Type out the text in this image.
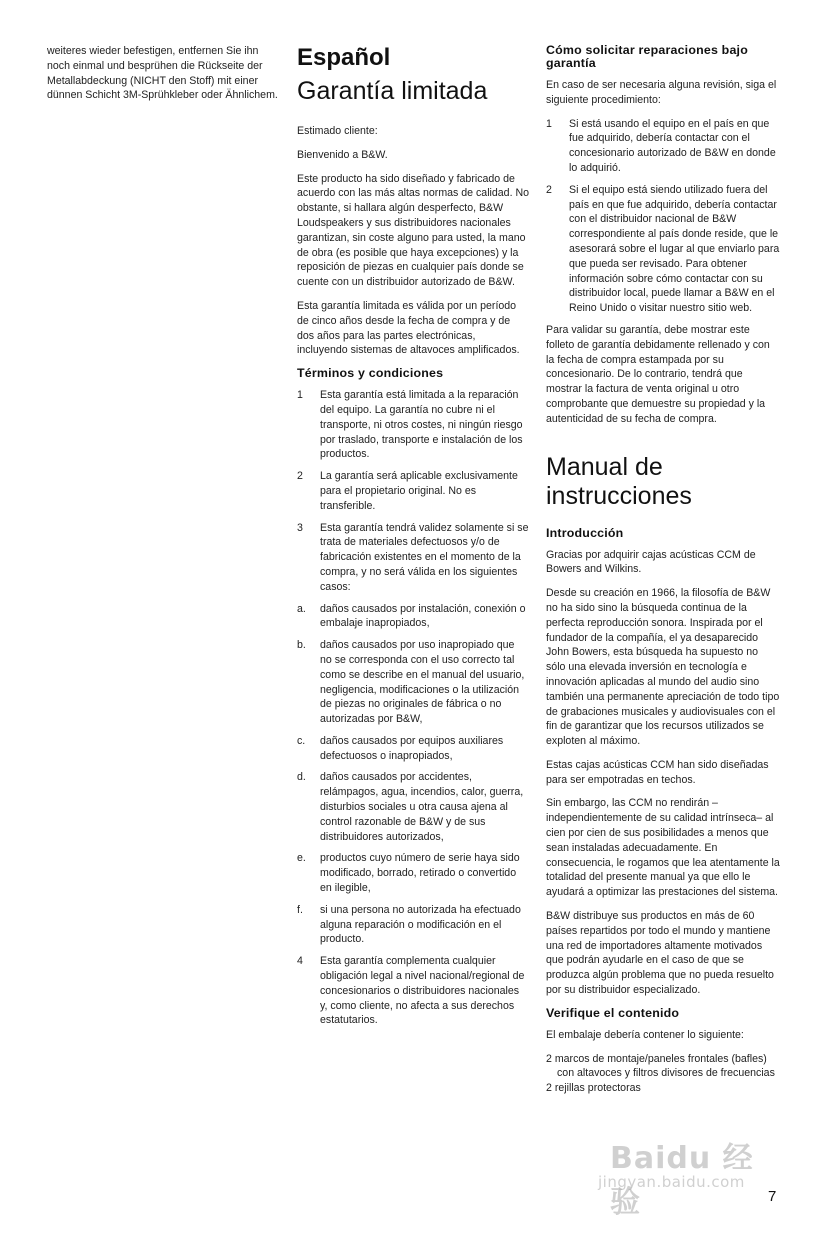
weiteres wieder befestigen, entfernen Sie ihn noch einmal und besprühen die Rückseite der Metallabdeckung (NICHT den Stoff) mit einer dünnen Schicht 3M-Sprühkleber oder Ähnlichem.

Español
Garantía limitada

Estimado cliente:

Bienvenido a B&W.

Este producto ha sido diseñado y fabricado de acuerdo con las más altas normas de calidad. No obstante, si hallara algún desperfecto, B&W Loudspeakers y sus distribuidores nacionales garantizan, sin coste alguno para usted, la mano de obra (es posible que haya excepciones) y la reposición de piezas en cualquier país donde se cuente con un distribuidor autorizado de B&W.

Esta garantía limitada es válida por un período de cinco años desde la fecha de compra y de dos años para las partes electrónicas, incluyendo sistemas de altavoces amplificados.

Términos y condiciones
1	Esta garantía está limitada a la reparación del equipo. La garantía no cubre ni el transporte, ni otros costes, ni ningún riesgo por traslado, transporte e instalación de los productos.
2	La garantía será aplicable exclusivamente para el propietario original. No es transferible.
3	Esta garantía tendrá validez solamente si se trata de materiales defectuosos y/o de fabricación existentes en el momento de la compra, y no será válida en los siguientes casos:
a.	daños causados por instalación, conexión o embalaje inapropiados,
b.	daños causados por uso inapropiado que no se corresponda con el uso correcto tal como se describe en el manual del usuario, negligencia, modificaciones o la utilización de piezas no originales de fábrica o no autorizadas por B&W,
c.	daños causados por equipos auxiliares defectuosos o inapropiados,
d.	daños causados por accidentes, relámpagos, agua, incendios, calor, guerra, disturbios sociales u otra causa ajena al control razonable de B&W y de sus distribuidores autorizados,
e.	productos cuyo número de serie haya sido modificado, borrado, retirado o convertido en ilegible,
f.	si una persona no autorizada ha efectuado alguna reparación o modificación en el producto.
4	Esta garantía complementa cualquier obligación legal a nivel nacional/regional de concesionarios o distribuidores nacionales y, como cliente, no afecta a sus derechos estatutarios.
Cómo solicitar reparaciones bajo garantía

En caso de ser necesaria alguna revisión, siga el siguiente procedimiento:

1	Si está usando el equipo en el país en que fue adquirido, debería contactar con el concesionario autorizado de B&W en donde lo adquirió.
2	Si el equipo está siendo utilizado fuera del país en que fue adquirido, debería contactar con el distribuidor nacional de B&W correspondiente al país donde reside, que le asesorará sobre el lugar al que enviarlo para que pueda ser revisado. Para obtener información sobre cómo contactar con su distribuidor local, puede llamar a B&W en el Reino Unido o visitar nuestro sitio web.

Para validar su garantía, debe mostrar este folleto de garantía debidamente rellenado y con la fecha de compra estampada por su concesionario. De lo contrario, tendrá que mostrar la factura de venta original u otro comprobante que demuestre su propiedad y la autenticidad de su fecha de compra.

Manual de
instrucciones
Introducción

Gracias por adquirir cajas acústicas CCM de Bowers and Wilkins.

Desde su creación en 1966, la filosofía de B&W no ha sido sino la búsqueda continua de la perfecta reproducción sonora. Inspirada por el fundador de la compañía, el ya desaparecido John Bowers, esta búsqueda ha supuesto no sólo una elevada inversión en tecnología e innovación aplicadas al mundo del audio sino también una permanente apreciación de todo tipo de grabaciones musicales y audiovisuales con el fin de garantizar que los recursos utilizados se exploten al máximo.

Estas cajas acústicas CCM han sido diseñadas para ser empotradas en techos.

Sin embargo, las CCM no rendirán –independientemente de su calidad intrínseca– al cien por cien de sus posibilidades a menos que sean instaladas adecuadamente. En consecuencia, le rogamos que lea atentamente la totalidad del presente manual ya que ello le ayudará a optimizar las prestaciones del sistema.

B&W distribuye sus productos en más de 60 países repartidos por todo el mundo y mantiene una red de importadores altamente motivados que podrán ayudarle en el caso de que se produzca algún problema que no pueda resuelto por su distribuidor especializado.

Verifique el contenido

El embalaje debería contener lo siguiente:

2 marcos de montaje/paneles frontales (bafles) con altavoces y filtros divisores de frecuencias

2 rejillas protectoras

Baidu 经验
jingyan.baidu.com
7
